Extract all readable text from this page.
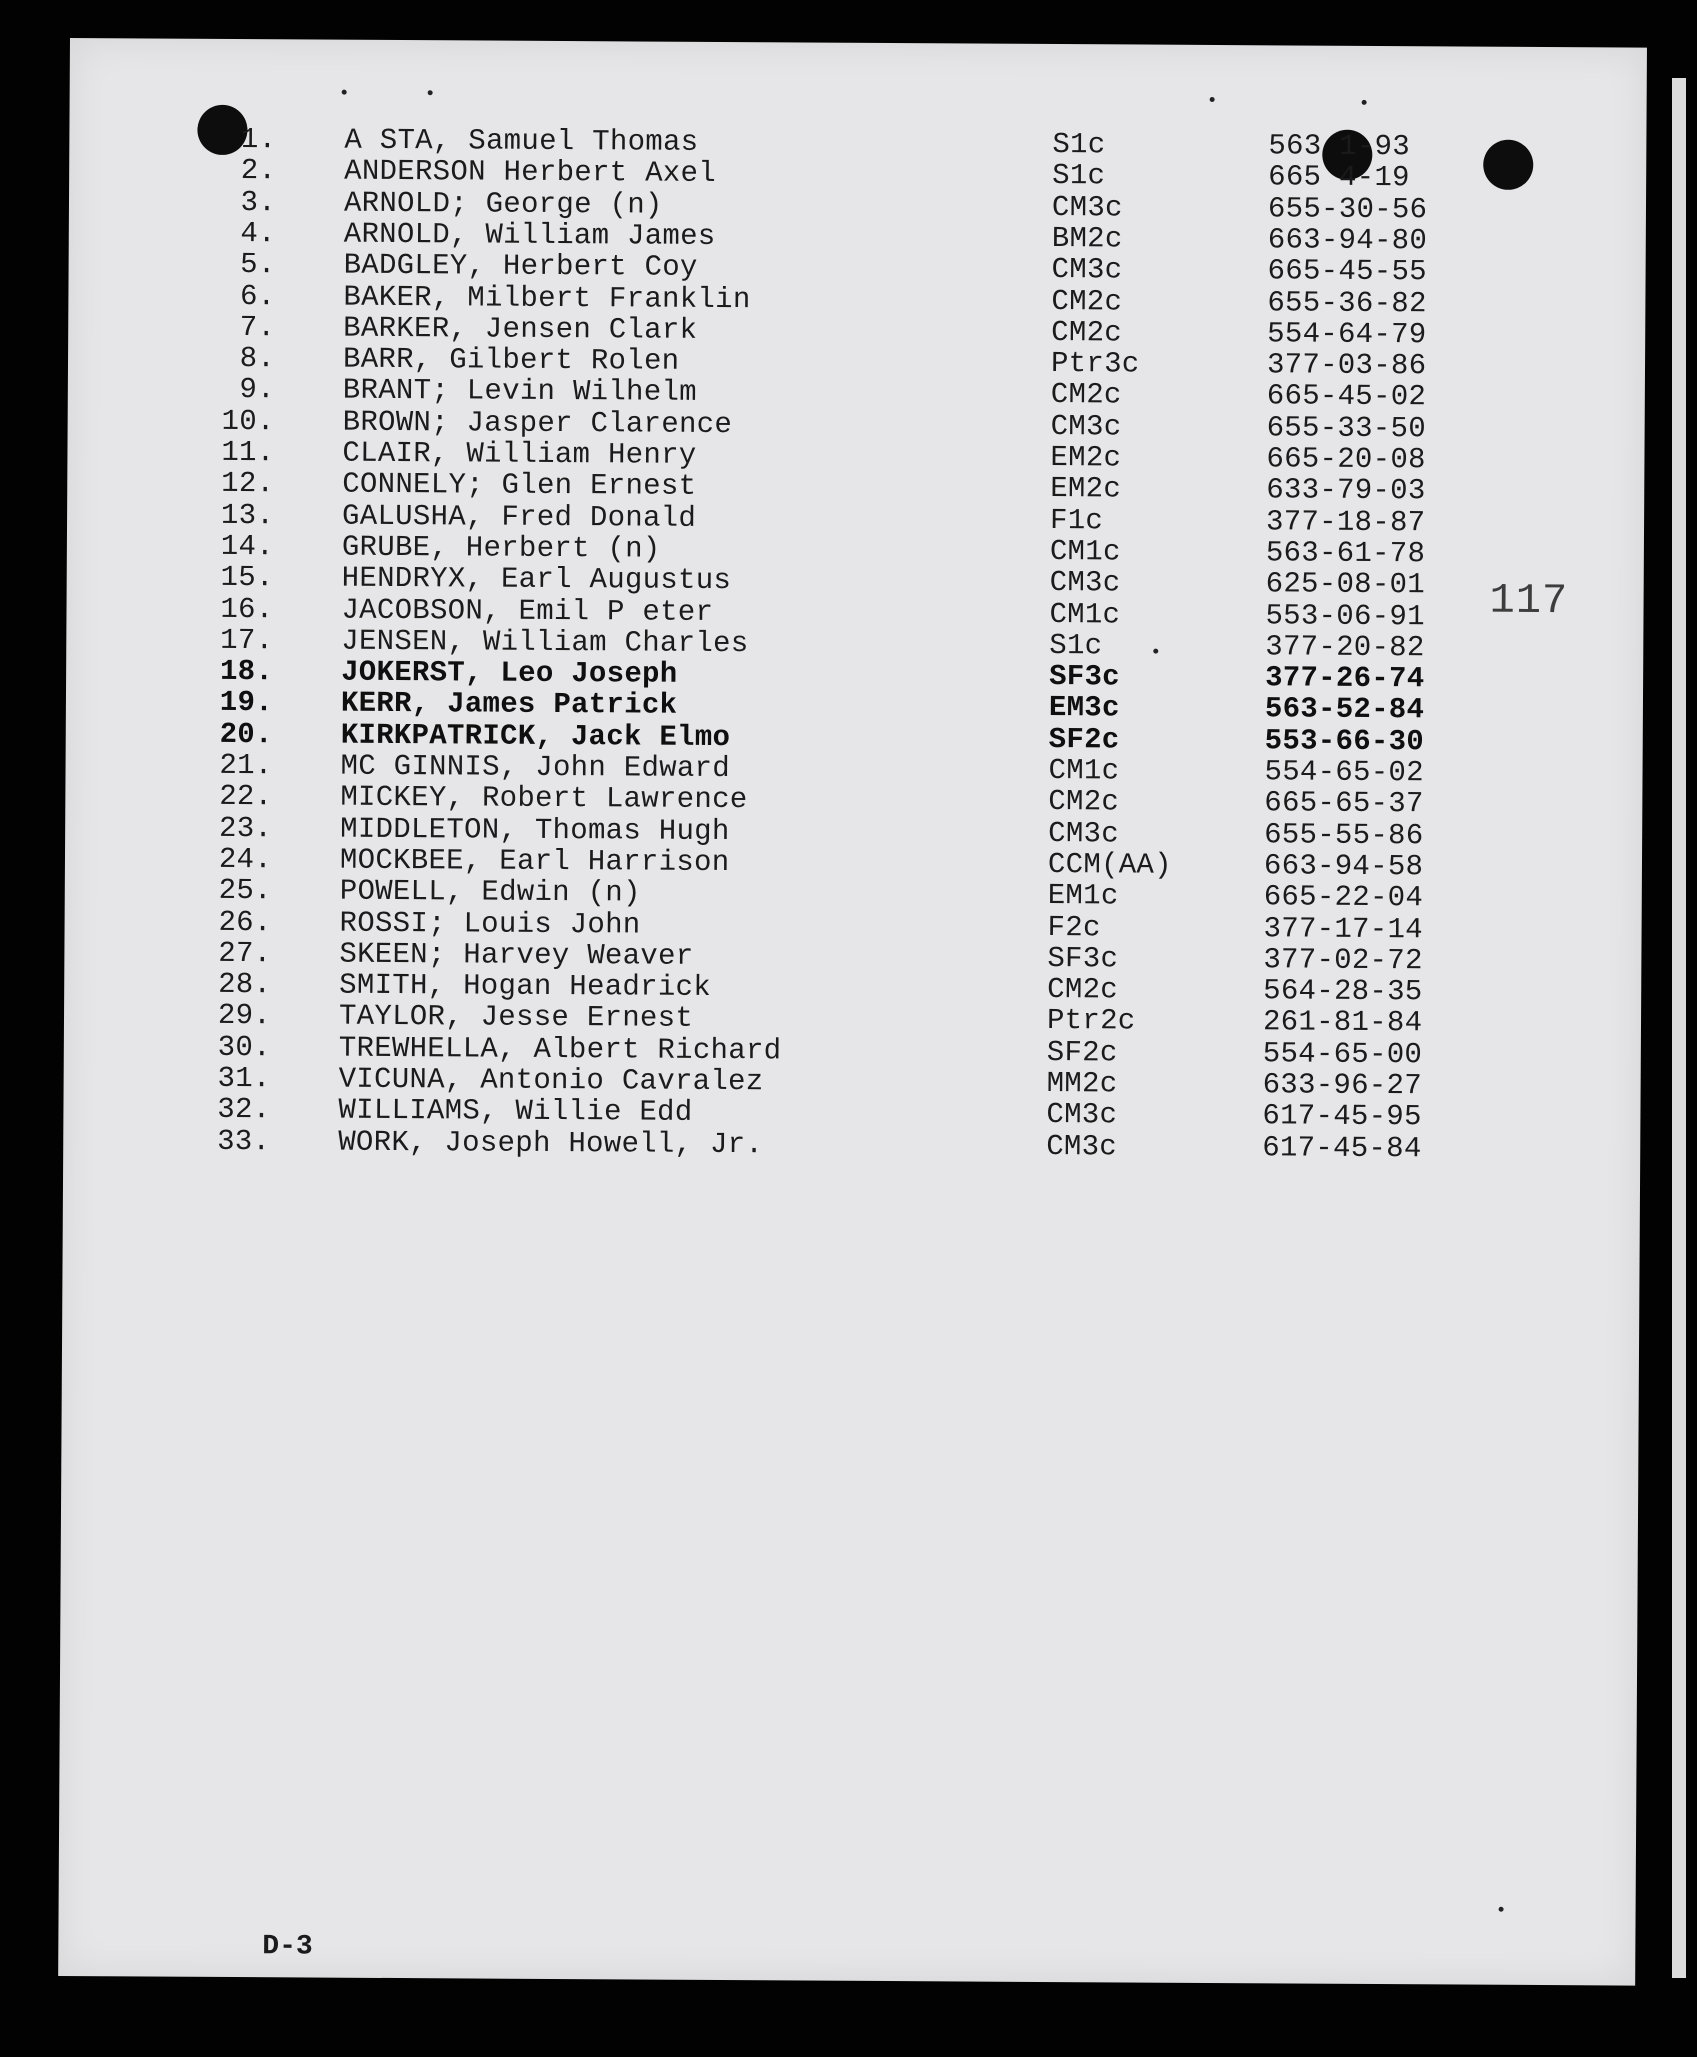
1. A STA, Samuel Thomas	S1c	563 1-93
2. ANDERSON Herbert Axel	S1c	665 4-19
3. ARNOLD; George (n)	CM3c	655-30-56
4. ARNOLD, William James	BM2c	663-94-80
5. BADGLEY, Herbert Coy	CM3c	665-45-55
6. BAKER, Milbert Franklin	CM2c	655-36-82
7. BARKER, Jensen Clark	CM2c	554-64-79
8. BARR, Gilbert Rolen	Ptr3c	377-03-86
9. BRANT; Levin Wilhelm	CM2c	665-45-02
10. BROWN; Jasper Clarence	CM3c	655-33-50
11. CLAIR, William Henry	EM2c	665-20-08
12. CONNELY; Glen Ernest	EM2c	633-79-03
13. GALUSHA, Fred Donald	F1c	377-18-87
14. GRUBE, Herbert (n)	CM1c	563-61-78
15. HENDRYX, Earl Augustus	CM3c	625-08-01
16. JACOBSON, Emil P eter	CM1c	553-06-91
17. JENSEN, William Charles	S1c	377-20-82
18. JOKERST, Leo Joseph	SF3c	377-26-74
19. KERR, James Patrick	EM3c	563-52-84
20. KIRKPATRICK, Jack Elmo	SF2c	553-66-30
21. MC GINNIS, John Edward	CM1c	554-65-02
22. MICKEY, Robert Lawrence	CM2c	665-65-37
23. MIDDLETON, Thomas Hugh	CM3c	655-55-86
24. MOCKBEE, Earl Harrison	CCM(AA)	663-94-58
25. POWELL, Edwin (n)	EM1c	665-22-04
26. ROSSI; Louis John	F2c	377-17-14
27. SKEEN; Harvey Weaver	SF3c	377-02-72
28. SMITH, Hogan Headrick	CM2c	564-28-35
29. TAYLOR, Jesse Ernest	Ptr2c	261-81-84
30. TREWHELLA, Albert Richard	SF2c	554-65-00
31. VICUNA, Antonio Cavralez	MM2c	633-96-27
32. WILLIAMS, Willie Edd	CM3c	617-45-95
33. WORK, Joseph Howell, Jr.	CM3c	617-45-84
117
D-3
